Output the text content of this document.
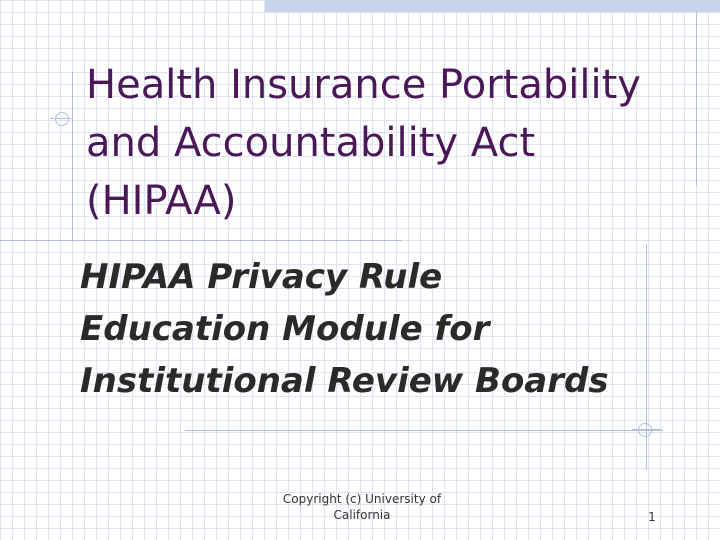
Health Insurance Portability
and Accountability Act
(HIPAA)
HIPAA Privacy Rule
Education Module for
Institutional Review Boards
Copyright (c) University of
California	1
